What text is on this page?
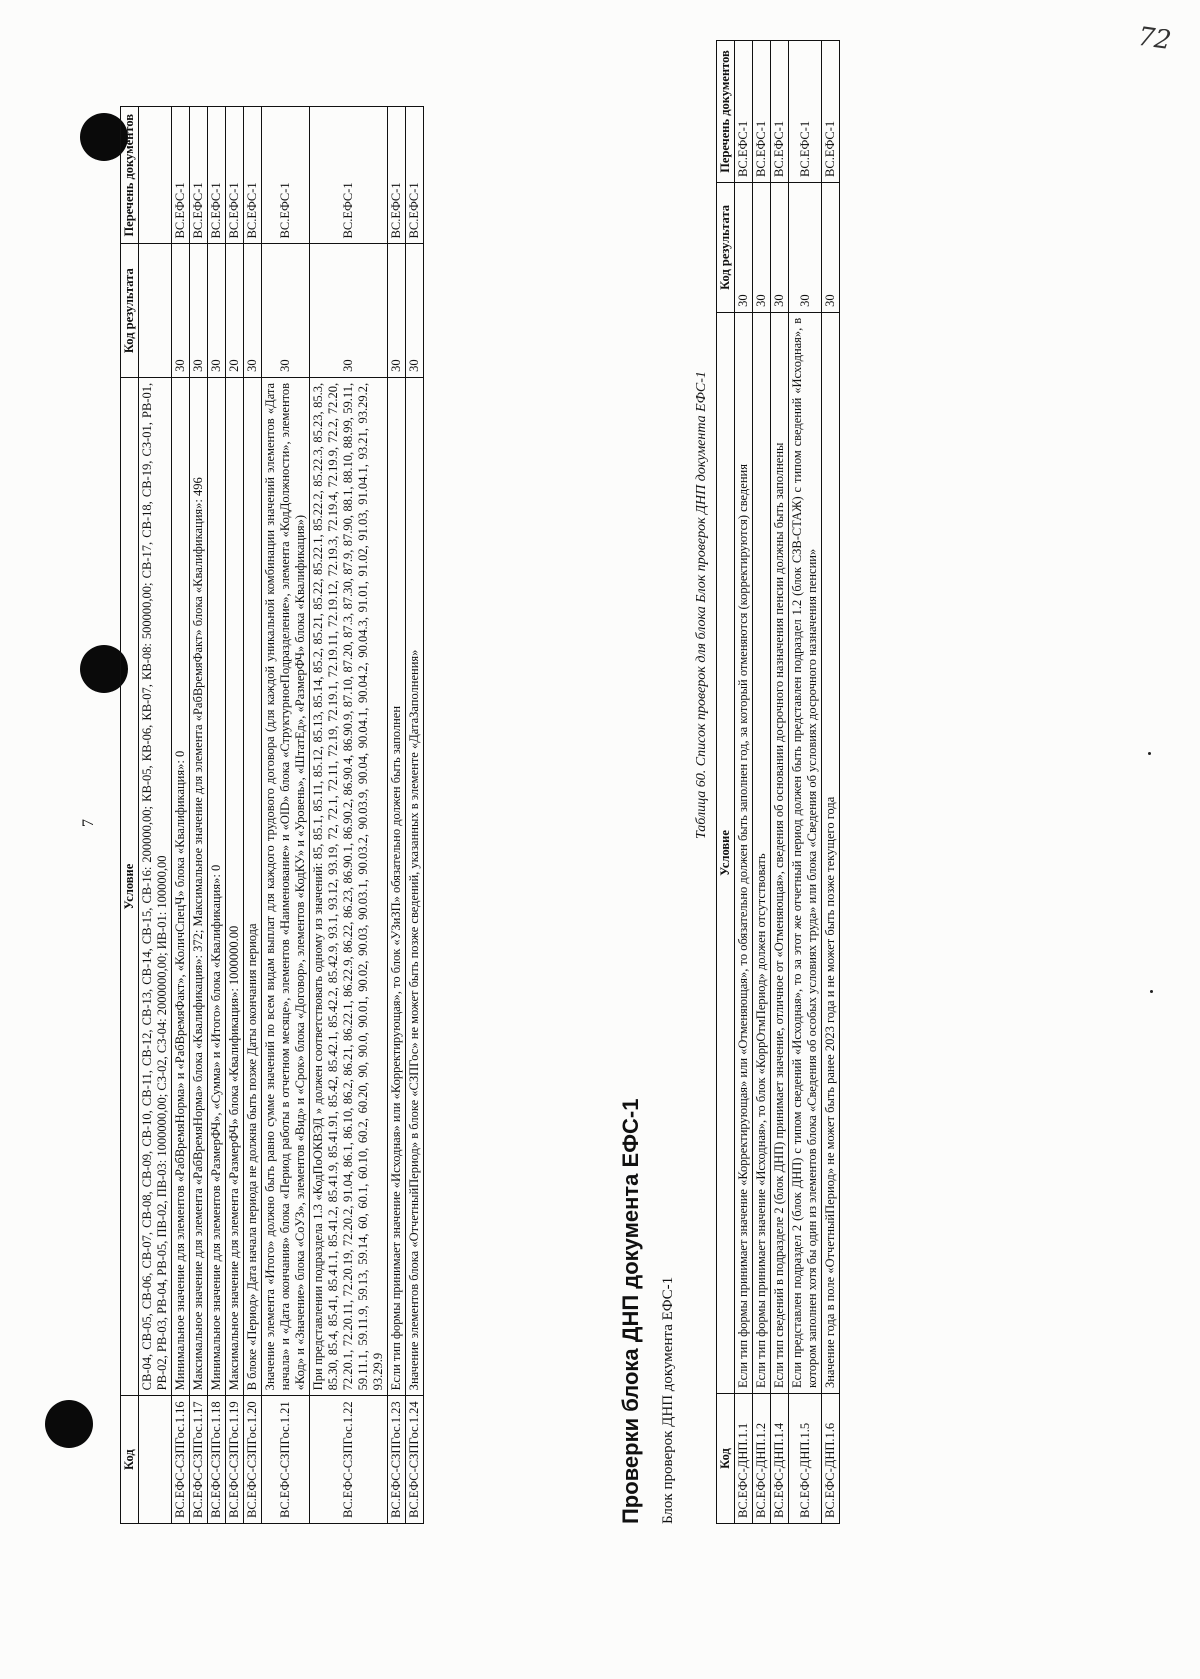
72
7
Код	Условие	Код результата	Перечень документов
	СВ-04, СВ-05, СВ-06, СВ-07, СВ-08, СВ-09, СВ-10, СВ-11, СВ-12, СВ-13, СВ-14, СВ-15, СВ-16: 200000,00; КВ-05, КВ-06, КВ-07, КВ-08: 500000,00; СВ-17, СВ-18, СВ-19, СЗ-01, РВ-01, РВ-02, РВ-03, РВ-04, РВ-05, ПВ-02, ПВ-03: 1000000,00; СЗ-02, СЗ-04: 2000000,00; ИВ-01: 100000,00		
ВС.ЕФС-СЗПГос.1.16	Минимальное значение для элементов «РабВремяНорма» и «РабВремяФакт», «КоличСпецЧ» блока «Квалификация»: 0	30	ВС.ЕФС-1
ВС.ЕФС-СЗПГос.1.17	Максимальное значение для элемента «РабВремяНорма» блока «Квалификация»: 372; Максимальное значение для элемента «РабВремяФакт» блока «Квалификация»: 496	30	ВС.ЕФС-1
ВС.ЕФС-СЗПГос.1.18	Минимальное значение для элементов «РазмерФЧ», «Сумма» и «Итого» блока «Квалификация»: 0	30	ВС.ЕФС-1
ВС.ЕФС-СЗПГос.1.19	Максимальное значение для элемента «РазмерФЧ» блока «Квалификация»: 1000000.00	20	ВС.ЕФС-1
ВС.ЕФС-СЗПГос.1.20	В блоке «Период» Дата начала периода не должна быть позже Даты окончания периода	30	ВС.ЕФС-1
ВС.ЕФС-СЗПГос.1.21	Значение элемента «Итого» должно быть равно сумме значений по всем видам выплат для каждого трудового договора (для каждой уникальной комбинации значений элементов «Дата начала» и «Дата окончания» блока «Период работы в отчетном месяце», элементов «Наименование» и «OID» блока «СтруктурноеПодразделение», элемента «КодДолжности», элементов «Код» и «Значение» блока «СоУЗ», элементов «Вид» и «Срок» блока «Договор», элементов «КодКУ» и «Уровень», «ШтатЕд», «РазмерФЧ» блока «Квалификация»)	30	ВС.ЕФС-1
ВС.ЕФС-СЗПГос.1.22	При представлении подраздела 1.3 «КодПоОКВЭД » должен соответствовать одному из значений: 85, 85.1, 85.11, 85.12, 85.13, 85.14, 85.2, 85.21, 85.22, 85.22.1, 85.22.2, 85.22.3, 85.23, 85.3, 85.30, 85.4, 85.41, 85.41.1, 85.41.2, 85.41.9, 85.41.91, 85.42, 85.42.1, 85.42.2, 85.42.9, 93.1, 93.12, 93.19, 72, 72.1, 72.11, 72.19, 72.19.1, 72.19.11, 72.19.12, 72.19.3, 72.19.4, 72.19.9, 72.2, 72.20, 72.20.1, 72.20.11, 72.20.19, 72.20.2, 91.04, 86.1, 86.10, 86.2, 86.21, 86.22.1, 86.22.9, 86.22, 86.23, 86.90.1, 86.90.2, 86.90.4, 86.90.9, 87.10, 87.20, 87.3, 87.30, 87.9, 87.90, 88.1, 88.10, 88.99, 59.11, 59.11.1, 59.11.9, 59.13, 59.14, 60, 60.1, 60.10, 60.2, 60.20, 90, 90.0, 90.01, 90.02, 90.03, 90.03.1, 90.03.2, 90.03.9, 90.04, 90.04.1, 90.04.2, 90.04.3, 91.01, 91.02, 91.03, 91.04.1, 93.21, 93.29.2, 93.29.9	30	ВС.ЕФС-1
ВС.ЕФС-СЗПГос.1.23	Если тип формы принимает значение «Исходная» или «Корректирующая», то блок «УЗиЗП» обязательно должен быть заполнен	30	ВС.ЕФС-1
ВС.ЕФС-СЗПГос.1.24	Значение элементов блока «ОтчетныйПериод» в блоке «СЗПГос» не может быть позже сведений, указанных в элементе «ДатаЗаполнения»	30	ВС.ЕФС-1
Проверки блока ДНП документа ЕФС-1 Блок проверок ДНП документа ЕФС-1
Таблица 60. Список проверок для блока Блок проверок ДНП документа ЕФС-1
Код	Условие	Код результата	Перечень документов
ВС.ЕФС-ДНП.1.1	Если тип формы принимает значение «Корректирующая» или «Отменяющая», то обязательно должен быть заполнен год, за который отменяются (корректируются) сведения	30	ВС.ЕФС-1
ВС.ЕФС-ДНП.1.2	Если тип формы принимает значение «Исходная», то блок «КоррОтмПериод» должен отсутствовать	30	ВС.ЕФС-1
ВС.ЕФС-ДНП.1.4	Если тип сведений в подразделе 2 (блок ДНП) принимает значение, отличное от «Отменяющая», сведения об основании досрочного назначения пенсии должны быть заполнены	30	ВС.ЕФС-1
ВС.ЕФС-ДНП.1.5	Если представлен подраздел 2 (блок ДНП) с типом сведений «Исходная», то за этот же отчетный период должен быть представлен подраздел 1.2 (блок СЗВ-СТАЖ) с типом сведений «Исходная», в котором заполнен хотя бы один из элементов блока «Сведения об особых условиях труда» или блока «Сведения об условиях досрочного назначения пенсии»	30	ВС.ЕФС-1
ВС.ЕФС-ДНП.1.6	Значение года в поле «ОтчетныйПериод» не может быть ранее 2023 года и не может быть позже текущего года	30	ВС.ЕФС-1
